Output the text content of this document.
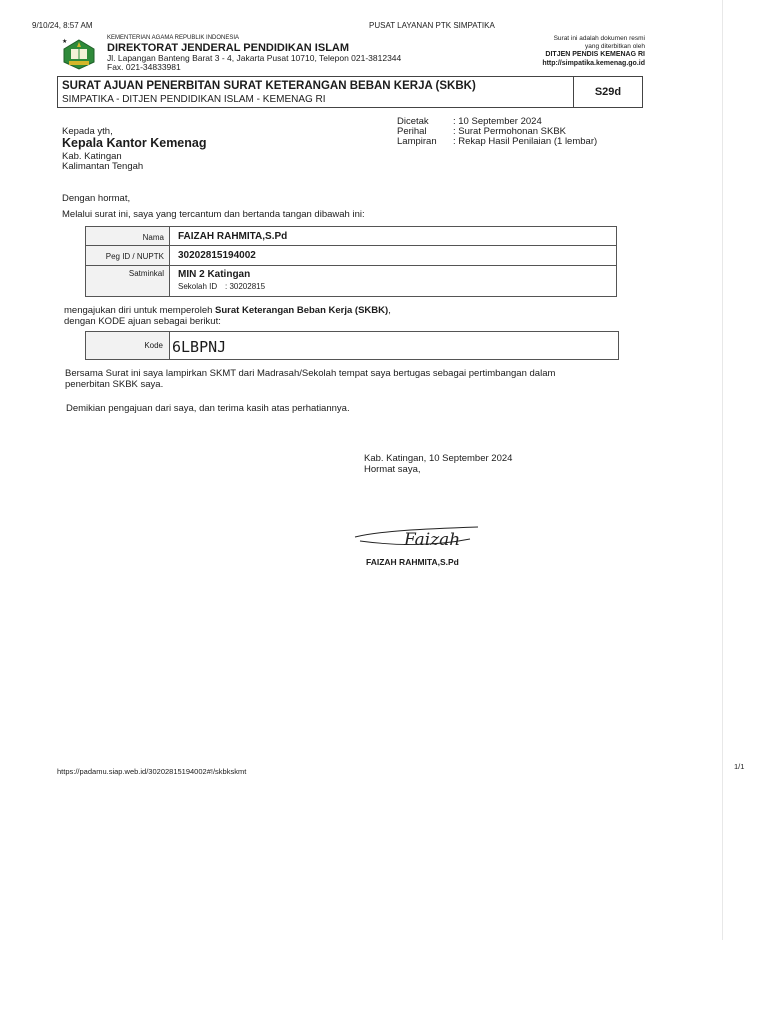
9/10/24, 8:57 AM	PUSAT LAYANAN PTK SIMPATIKA
★
KEMENTERIAN AGAMA REPUBLIK INDONESIA
DIREKTORAT JENDERAL PENDIDIKAN ISLAM
Jl. Lapangan Banteng Barat 3 - 4, Jakarta Pusat 10710, Telepon 021-3812344
Fax. 021-34833981
Surat ini adalah dokumen resmi
yang diterbitkan oleh
DITJEN PENDIS KEMENAG RI
http://simpatika.kemenag.go.id
SURAT AJUAN PENERBITAN SURAT KETERANGAN BEBAN KERJA (SKBK)
SIMPATIKA - DITJEN PENDIDIKAN ISLAM - KEMENAG RI
S29d
Kepada yth,
Kepala Kantor Kemenag
Kab. Katingan
Kalimantan Tengah
Dicetak	: 10 September 2024
Perihal	: Surat Permohonan SKBK
Lampiran : Rekap Hasil Penilaian (1 lembar)
Dengan hormat,
Melalui surat ini, saya yang tercantum dan bertanda tangan dibawah ini:
Nama	FAIZAH RAHMITA,S.Pd
Peg ID / NUPTK	30202815194002
Satminkal	MIN 2 Katingan
Sekolah ID : 30202815
mengajukan diri untuk memperoleh Surat Keterangan Beban Kerja (SKBK),
dengan KODE ajuan sebagai berikut:
Kode 6LBPNJ
Bersama Surat ini saya lampirkan SKMT dari Madrasah/Sekolah tempat saya bertugas sebagai pertimbangan dalam
penerbitan SKBK saya.
Demikian pengajuan dari saya, dan terima kasih atas perhatiannya.
Kab. Katingan, 10 September 2024
Hormat saya,
Faizah
FAIZAH RAHMITA,S.Pd
https://padamu.siap.web.id/30202815194002#!/skbkskmt
1/1
